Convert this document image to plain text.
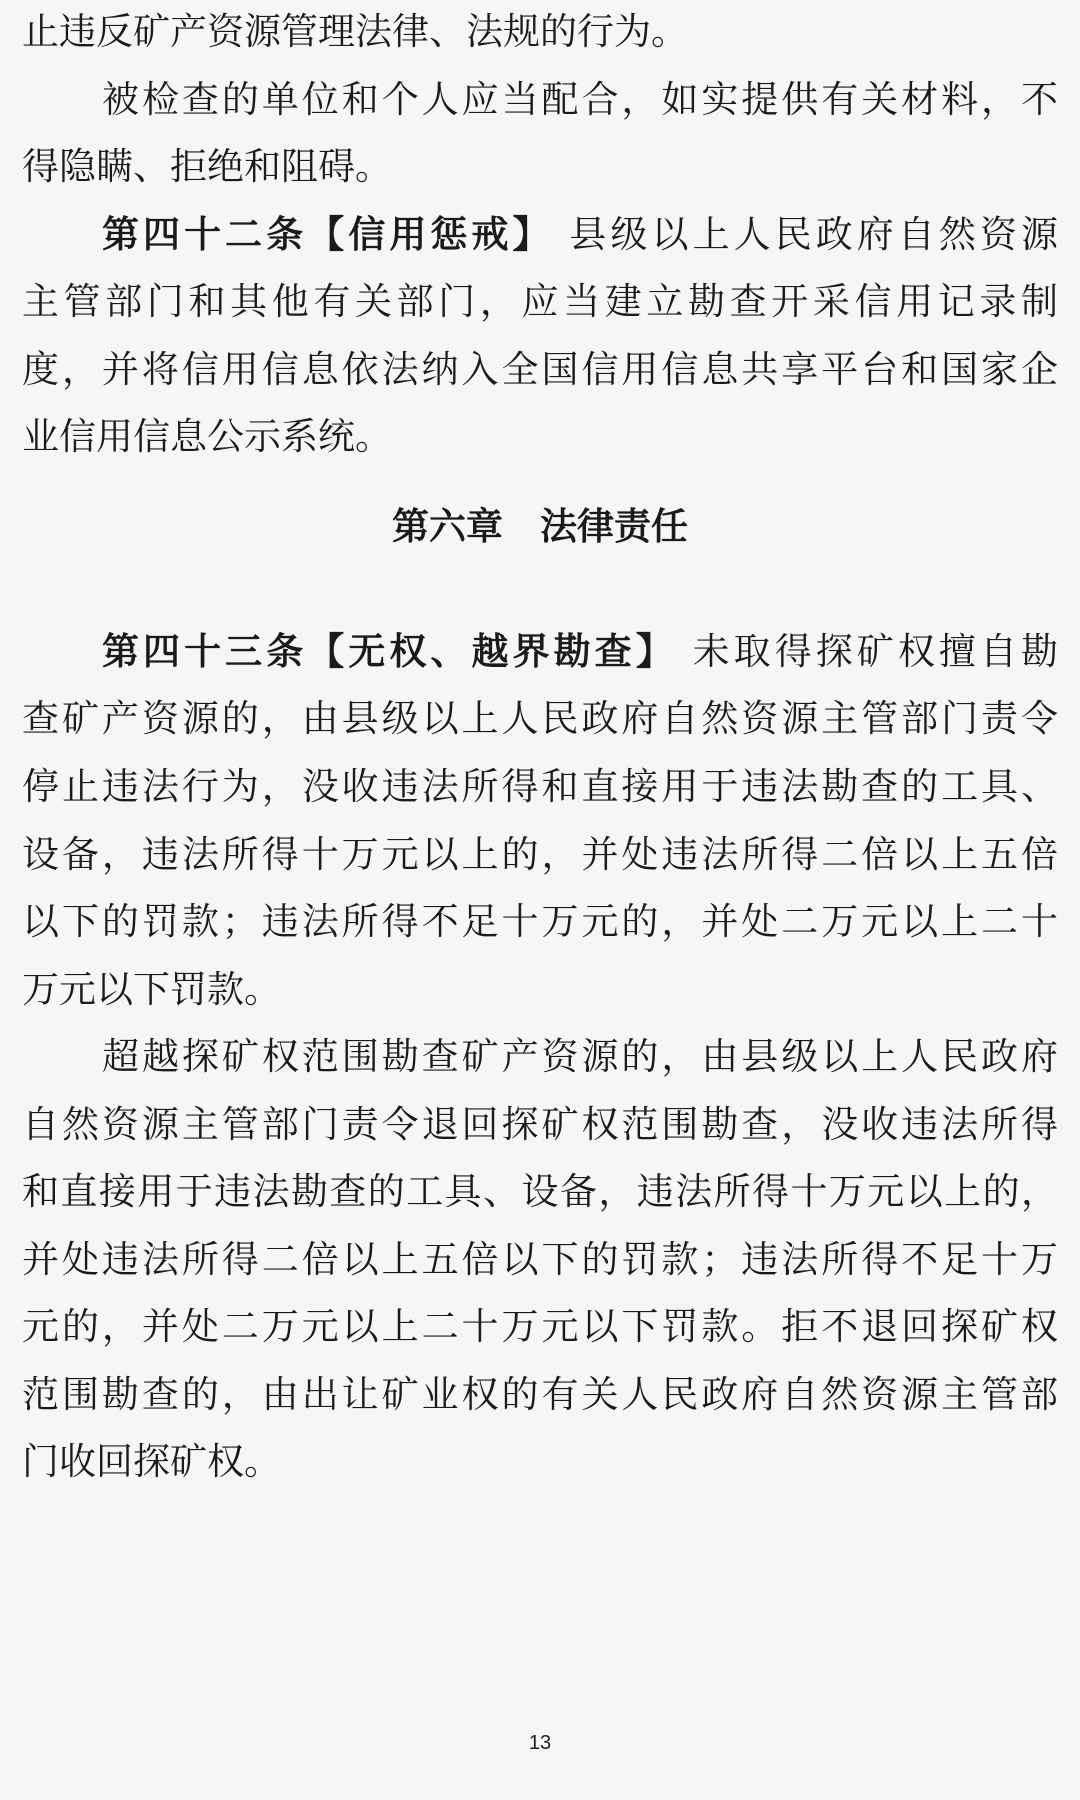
止违反矿产资源管理法律、法规的行为。

被检查的单位和个人应当配合，如实提供有关材料，不

得隐瞒、拒绝和阻碍。

第四十二条【信用惩戒】 县级以上人民政府自然资源

主管部门和其他有关部门，应当建立勘查开采信用记录制

度，并将信用信息依法纳入全国信用信息共享平台和国家企

业信用信息公示系统。

第六章　法律责任

第四十三条【无权、越界勘查】 未取得探矿权擅自勘

查矿产资源的，由县级以上人民政府自然资源主管部门责令

停止违法行为，没收违法所得和直接用于违法勘查的工具、

设备，违法所得十万元以上的，并处违法所得二倍以上五倍

以下的罚款；违法所得不足十万元的，并处二万元以上二十

万元以下罚款。

超越探矿权范围勘查矿产资源的，由县级以上人民政府

自然资源主管部门责令退回探矿权范围勘查，没收违法所得

和直接用于违法勘查的工具、设备，违法所得十万元以上的，

并处违法所得二倍以上五倍以下的罚款；违法所得不足十万

元的，并处二万元以上二十万元以下罚款。拒不退回探矿权

范围勘查的，由出让矿业权的有关人民政府自然资源主管部

门收回探矿权。

13
